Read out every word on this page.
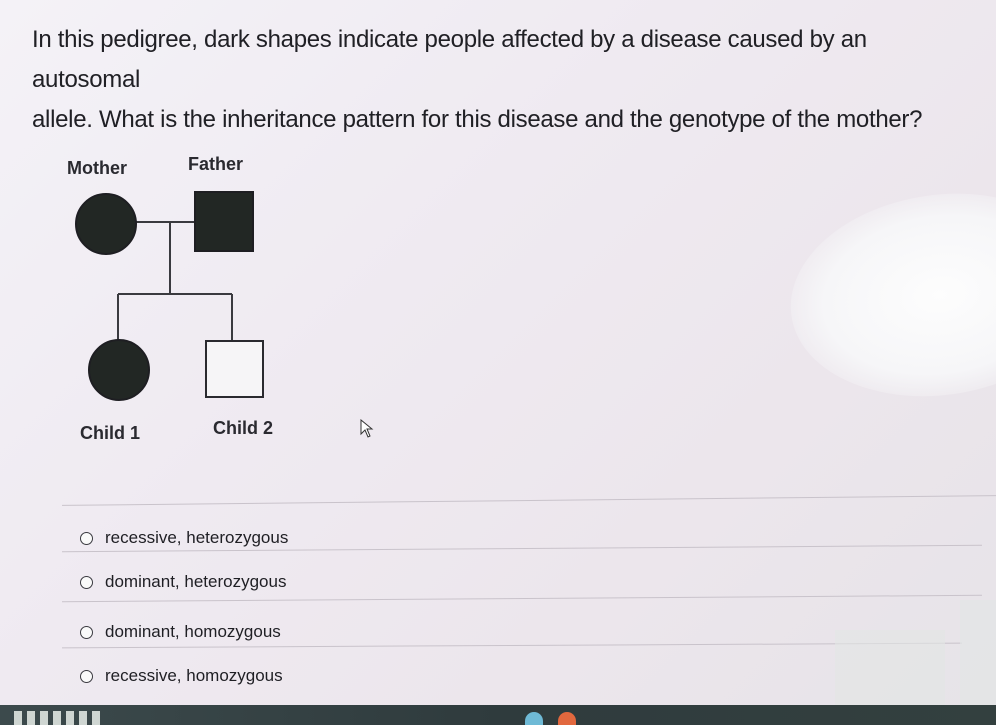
In this pedigree, dark shapes indicate people affected by a disease caused by an autosomal
allele. What is the inheritance pattern for this disease and the genotype of the mother?
Mother	Father
Child 1	Child 2
recessive, heterozygous
dominant, heterozygous
dominant, homozygous
recessive, homozygous
